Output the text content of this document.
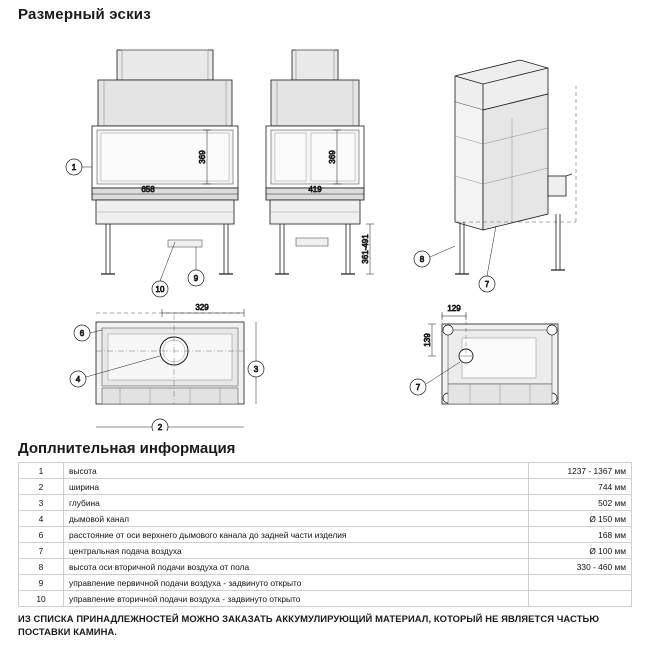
Размерный эскиз
658
369
1
10
9
419
369
361-491	8
7
329
6
4
3
2
129
139
7
Доплнительная информация
1	высота	1237 - 1367 мм
2	ширина	744 мм
3	глубина	502 мм
4	дымовой канал	Ø 150 мм
6	расстояние от оси верхнего дымового канала до задней части изделия	168 мм
7	центральная подача воздуха	Ø 100 мм
8	высота оси вторичной подачи воздуха от пола	330 - 460 мм
9	управление первичной подачи воздуха - задвинуто открыто	
10	управление вторичной подачи воздуха - задвинуто открыто	
ИЗ СПИСКА ПРИНАДЛЕЖНОСТЕЙ МОЖНО ЗАКАЗАТЬ АККУМУЛИРУЮЩИЙ МАТЕРИАЛ, КОТОРЫЙ НЕ ЯВЛЯЕТСЯ ЧАСТЬЮ ПОСТАВКИ КАМИНА.
